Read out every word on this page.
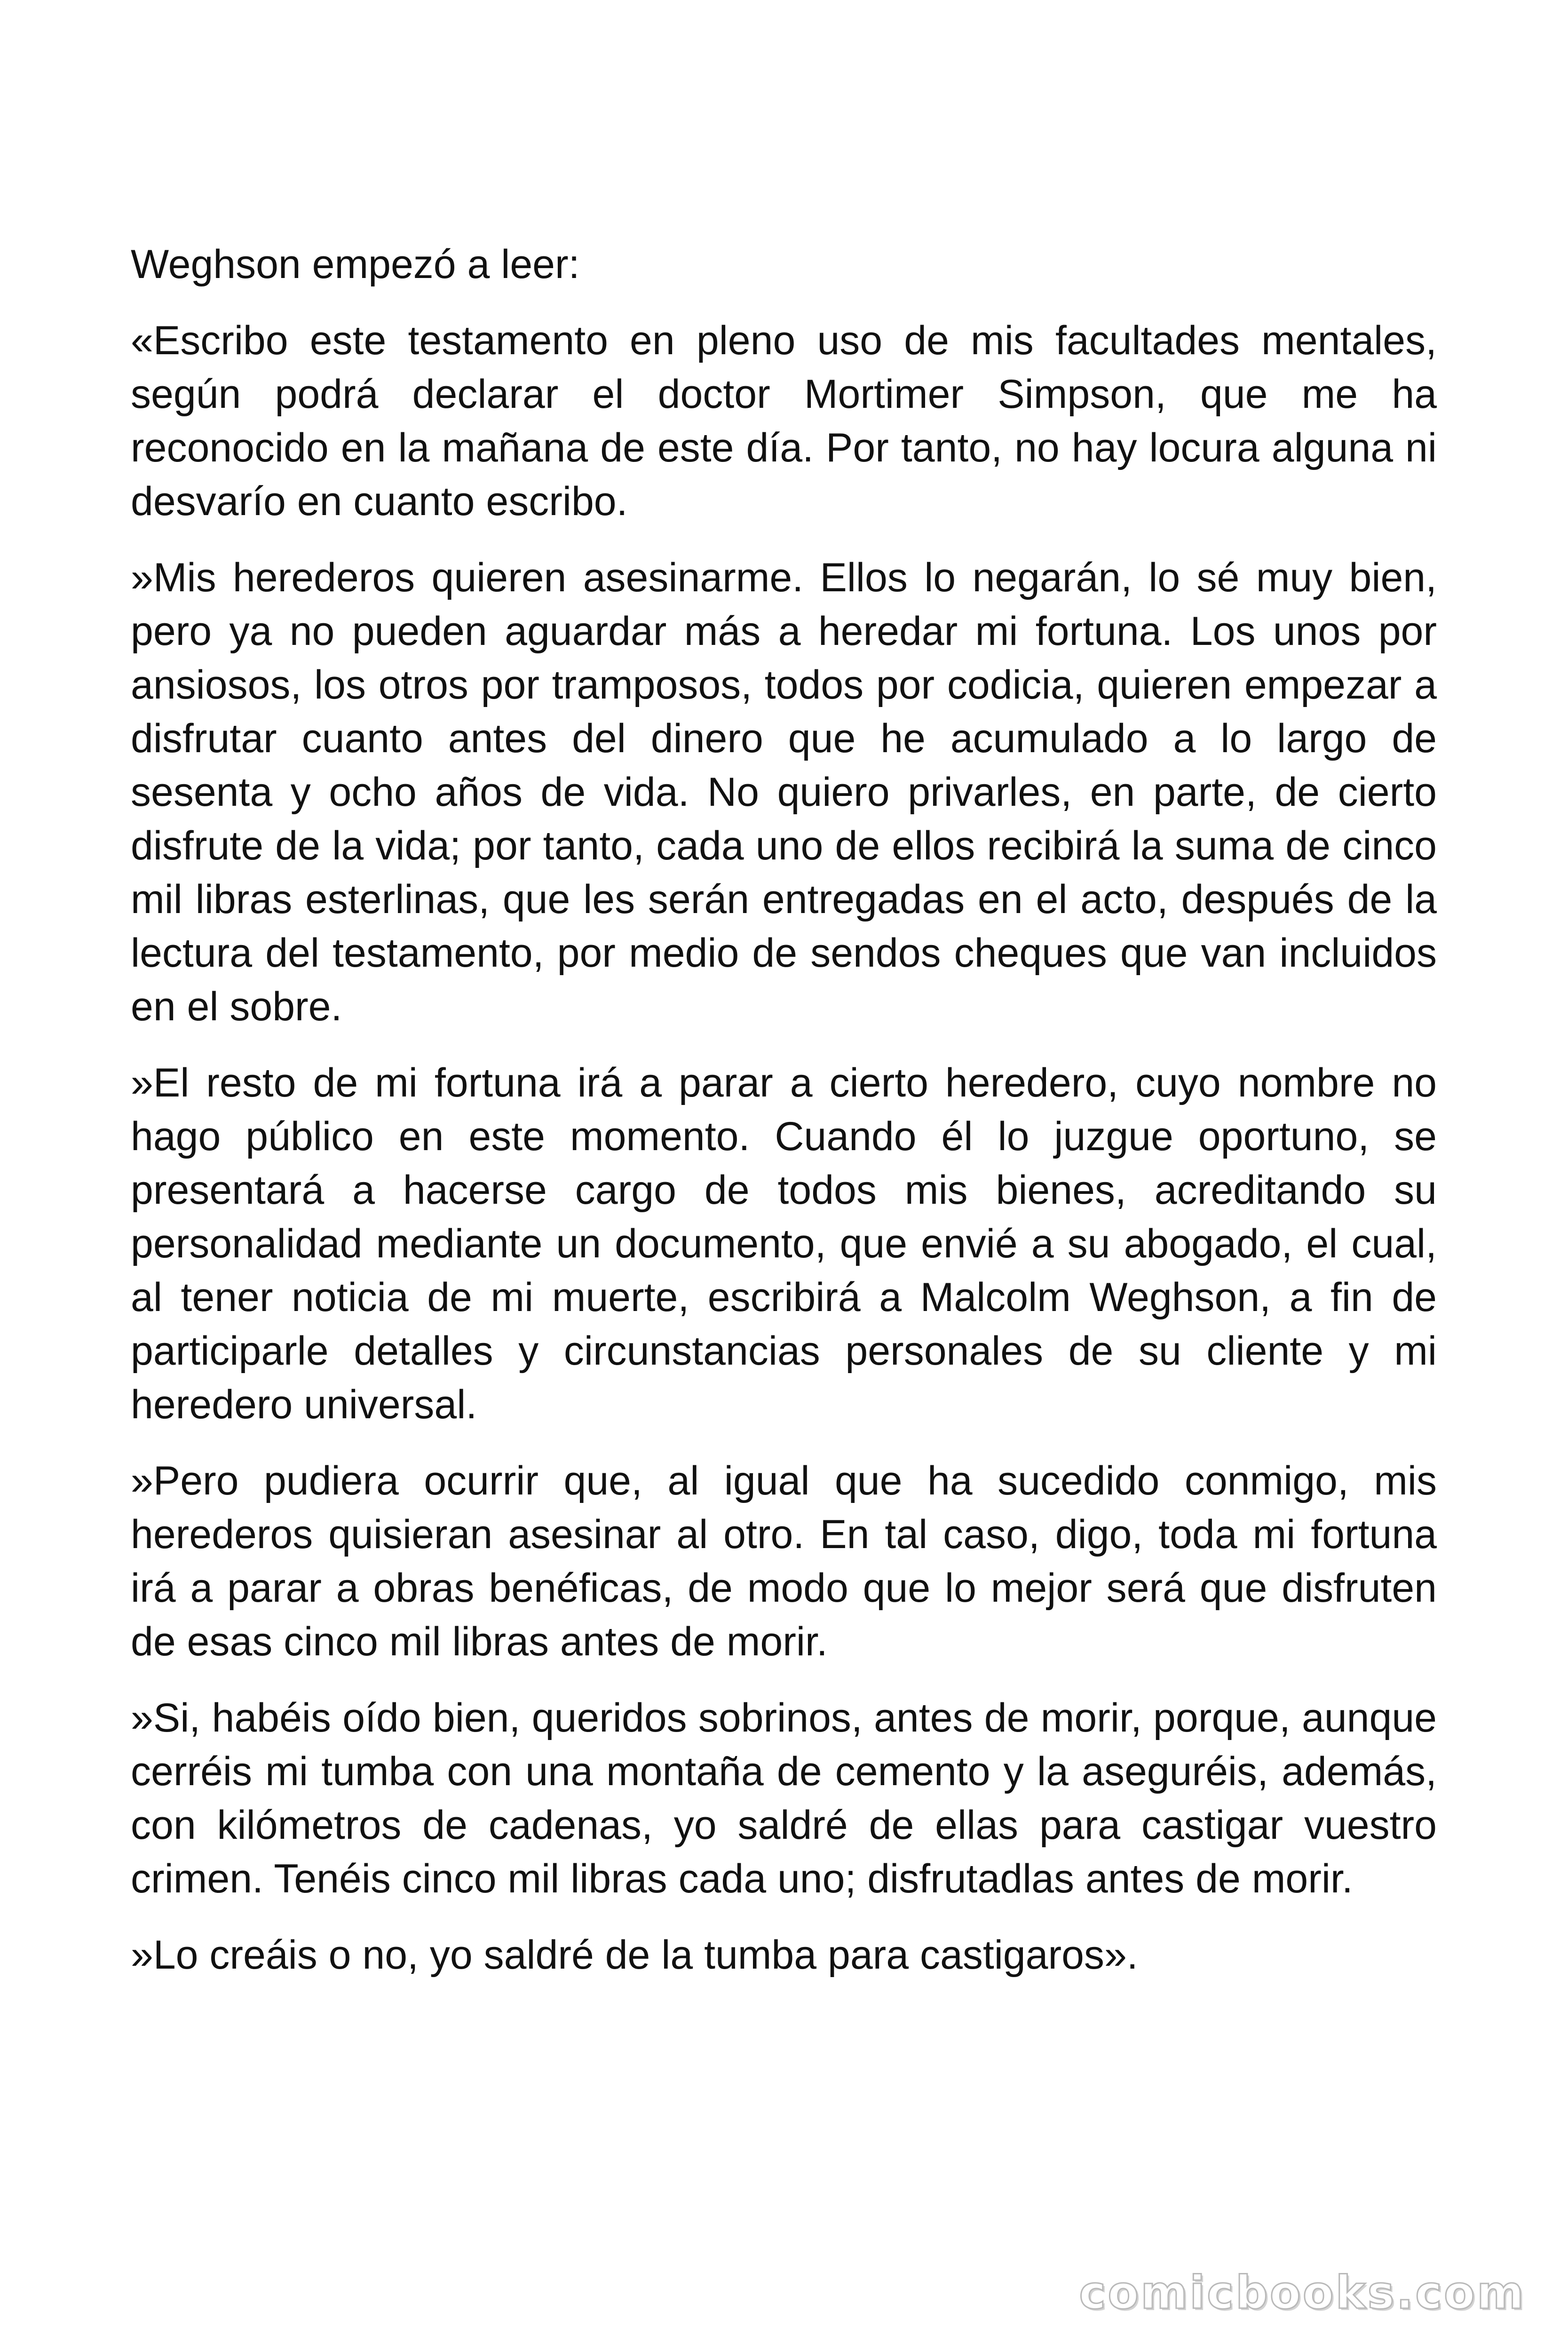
Weghson empezó a leer:

«Escribo este testamento en pleno uso de mis facultades mentales, según podrá declarar el doctor Mortimer Simpson, que me ha reconocido en la mañana de este día. Por tanto, no hay locura alguna ni desvarío en cuanto escribo.

»Mis herederos quieren asesinarme. Ellos lo negarán, lo sé muy bien, pero ya no pueden aguardar más a heredar mi fortuna. Los unos por ansiosos, los otros por tramposos, todos por codicia, quieren empezar a disfrutar cuanto antes del dinero que he acumulado a lo largo de sesenta y ocho años de vida. No quiero privarles, en parte, de cierto disfrute de la vida; por tanto, cada uno de ellos recibirá la suma de cinco mil libras esterlinas, que les serán entregadas en el acto, después de la lectura del testamento, por medio de sendos cheques que van incluidos en el sobre.

»El resto de mi fortuna irá a parar a cierto heredero, cuyo nombre no hago público en este momento. Cuando él lo juzgue oportuno, se presentará a hacerse cargo de todos mis bienes, acreditando su personalidad mediante un documento, que envié a su abogado, el cual, al tener noticia de mi muerte, escribirá a Malcolm Weghson, a fin de participarle detalles y circunstancias personales de su cliente y mi heredero universal.

»Pero pudiera ocurrir que, al igual que ha sucedido conmigo, mis herederos quisieran asesinar al otro. En tal caso, digo, toda mi fortuna irá a parar a obras benéficas, de modo que lo mejor será que disfruten de esas cinco mil libras antes de morir.

»Si, habéis oído bien, queridos sobrinos, antes de morir, porque, aunque cerréis mi tumba con una montaña de cemento y la aseguréis, además, con kilómetros de cadenas, yo saldré de ellas para castigar vuestro crimen. Tenéis cinco mil libras cada uno; disfrutadlas antes de morir.

»Lo creáis o no, yo saldré de la tumba para castigaros».

comicbooks.com
